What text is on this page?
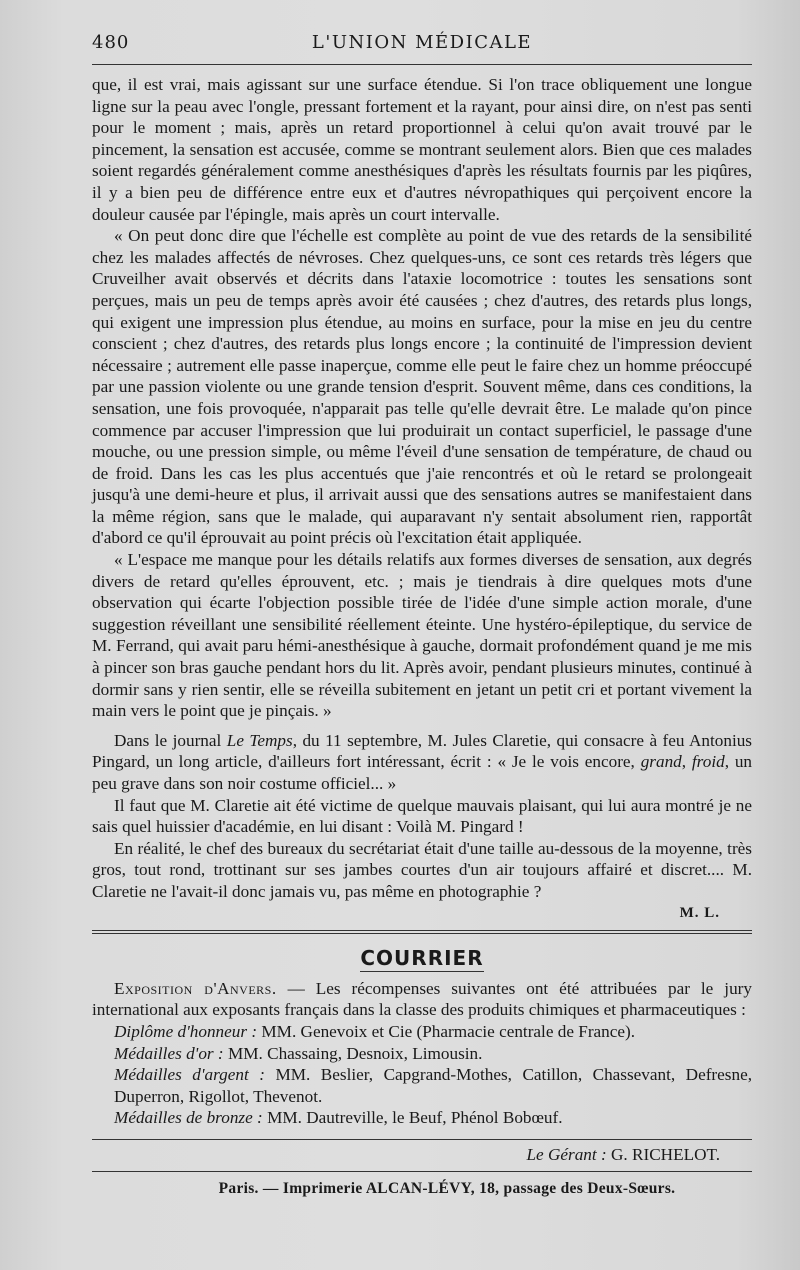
480	L'UNION MÉDICALE

que, il est vrai, mais agissant sur une surface étendue. Si l'on trace obliquement une longue ligne sur la peau avec l'ongle, pressant fortement et la rayant, pour ainsi dire, on n'est pas senti pour le moment ; mais, après un retard proportionnel à celui qu'on avait trouvé par le pincement, la sensation est accusée, comme se montrant seulement alors. Bien que ces malades soient regardés généralement comme anesthésiques d'après les résultats fournis par les piqûres, il y a bien peu de différence entre eux et d'autres névropathiques qui perçoivent encore la douleur causée par l'épingle, mais après un court intervalle.

« On peut donc dire que l'échelle est complète au point de vue des retards de la sensibilité chez les malades affectés de névroses. Chez quelques-uns, ce sont ces retards très légers que Cruveilher avait observés et décrits dans l'ataxie locomotrice : toutes les sensations sont perçues, mais un peu de temps après avoir été causées ; chez d'autres, des retards plus longs, qui exigent une impression plus étendue, au moins en surface, pour la mise en jeu du centre conscient ; chez d'autres, des retards plus longs encore ; la continuité de l'impression devient nécessaire ; autrement elle passe inaperçue, comme elle peut le faire chez un homme préoccupé par une passion violente ou une grande tension d'esprit. Souvent même, dans ces conditions, la sensation, une fois provoquée, n'apparait pas telle qu'elle devrait être. Le malade qu'on pince commence par accuser l'impression que lui produirait un contact superficiel, le passage d'une mouche, ou une pression simple, ou même l'éveil d'une sensation de température, de chaud ou de froid. Dans les cas les plus accentués que j'aie rencontrés et où le retard se prolongeait jusqu'à une demi-heure et plus, il arrivait aussi que des sensations autres se manifestaient dans la même région, sans que le malade, qui auparavant n'y sentait absolument rien, rapportât d'abord ce qu'il éprouvait au point précis où l'excitation était appliquée.

« L'espace me manque pour les détails relatifs aux formes diverses de sensation, aux degrés divers de retard qu'elles éprouvent, etc. ; mais je tiendrais à dire quelques mots d'une observation qui écarte l'objection possible tirée de l'idée d'une simple action morale, d'une suggestion réveillant une sensibilité réellement éteinte. Une hystéro-épileptique, du service de M. Ferrand, qui avait paru hémi-anesthésique à gauche, dormait profondément quand je me mis à pincer son bras gauche pendant hors du lit. Après avoir, pendant plusieurs minutes, continué à dormir sans y rien sentir, elle se réveilla subitement en jetant un petit cri et portant vivement la main vers le point que je pinçais. »

Dans le journal Le Temps, du 11 septembre, M. Jules Claretie, qui consacre à feu Antonius Pingard, un long article, d'ailleurs fort intéressant, écrit : « Je le vois encore, grand, froid, un peu grave dans son noir costume officiel... »

Il faut que M. Claretie ait été victime de quelque mauvais plaisant, qui lui aura montré je ne sais quel huissier d'académie, en lui disant : Voilà M. Pingard !

En réalité, le chef des bureaux du secrétariat était d'une taille au-dessous de la moyenne, très gros, tout rond, trottinant sur ses jambes courtes d'un air toujours affairé et discret.... M. Claretie ne l'avait-il donc jamais vu, pas même en photographie ?

M. L.

COURRIER

Exposition d'Anvers. — Les récompenses suivantes ont été attribuées par le jury international aux exposants français dans la classe des produits chimiques et pharmaceutiques :

Diplôme d'honneur : MM. Genevoix et Cie (Pharmacie centrale de France).

Médailles d'or : MM. Chassaing, Desnoix, Limousin.

Médailles d'argent : MM. Beslier, Capgrand-Mothes, Catillon, Chassevant, Defresne, Duperron, Rigollot, Thevenot.

Médailles de bronze : MM. Dautreville, le Beuf, Phénol Bobœuf.

Le Gérant : G. RICHELOT.

Paris. — Imprimerie ALCAN-LÉVY, 18, passage des Deux-Sœurs.
